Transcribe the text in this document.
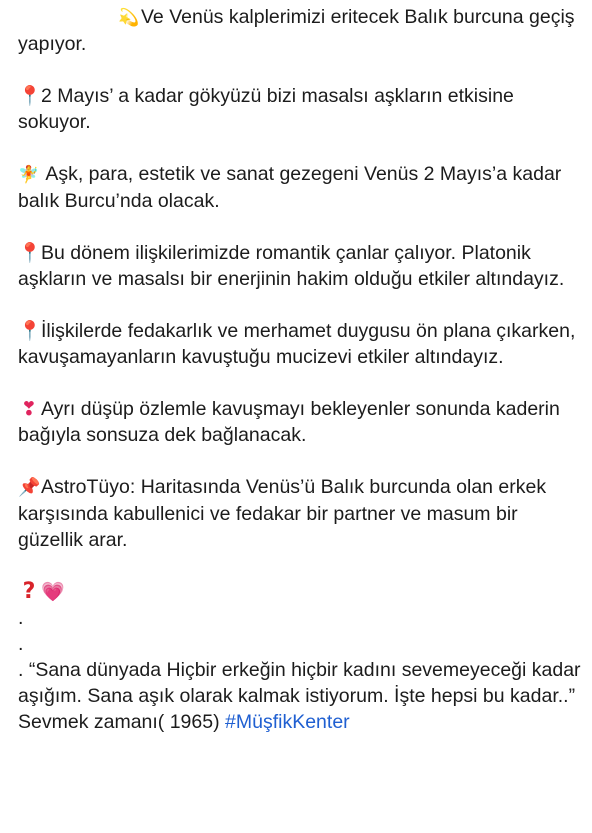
💫Ve Venüs kalplerimizi eritecek Balık burcuna geçiş yapıyor.

📍2 Mayıs’ a kadar gökyüzü bizi masalsı aşkların etkisine sokuyor.

🧚 Aşk, para, estetik ve sanat gezegeni Venüs 2 Mayıs’a kadar balık Burcu’nda olacak.

📍Bu dönem ilişkilerimizde romantik çanlar çalıyor. Platonik aşkların ve masalsı bir enerjinin hakim olduğu etkiler altındayız.

📍İlişkilerde fedakarlık ve merhamet duygusu ön plana çıkarken, kavuşamayanların kavuştuğu mucizevi etkiler altındayız.

❣ Ayrı düşüp özlemle kavuşmayı bekleyenler sonunda kaderin bağıyla sonsuza dek bağlanacak.

📌AstroTüyo: Haritasında Venüs’ü Balık burcunda olan erkek karşısında kabullenici ve fedakar bir partner ve masum bir güzellik arar.

? 💗

.
.

. “Sana dünyada Hiçbir erkeğin hiçbir kadını sevemeyeceği kadar aşığım. Sana aşık olarak kalmak istiyorum. İşte hepsi bu kadar..”

Sevmek zamanı( 1965) #MüşfikKenter
